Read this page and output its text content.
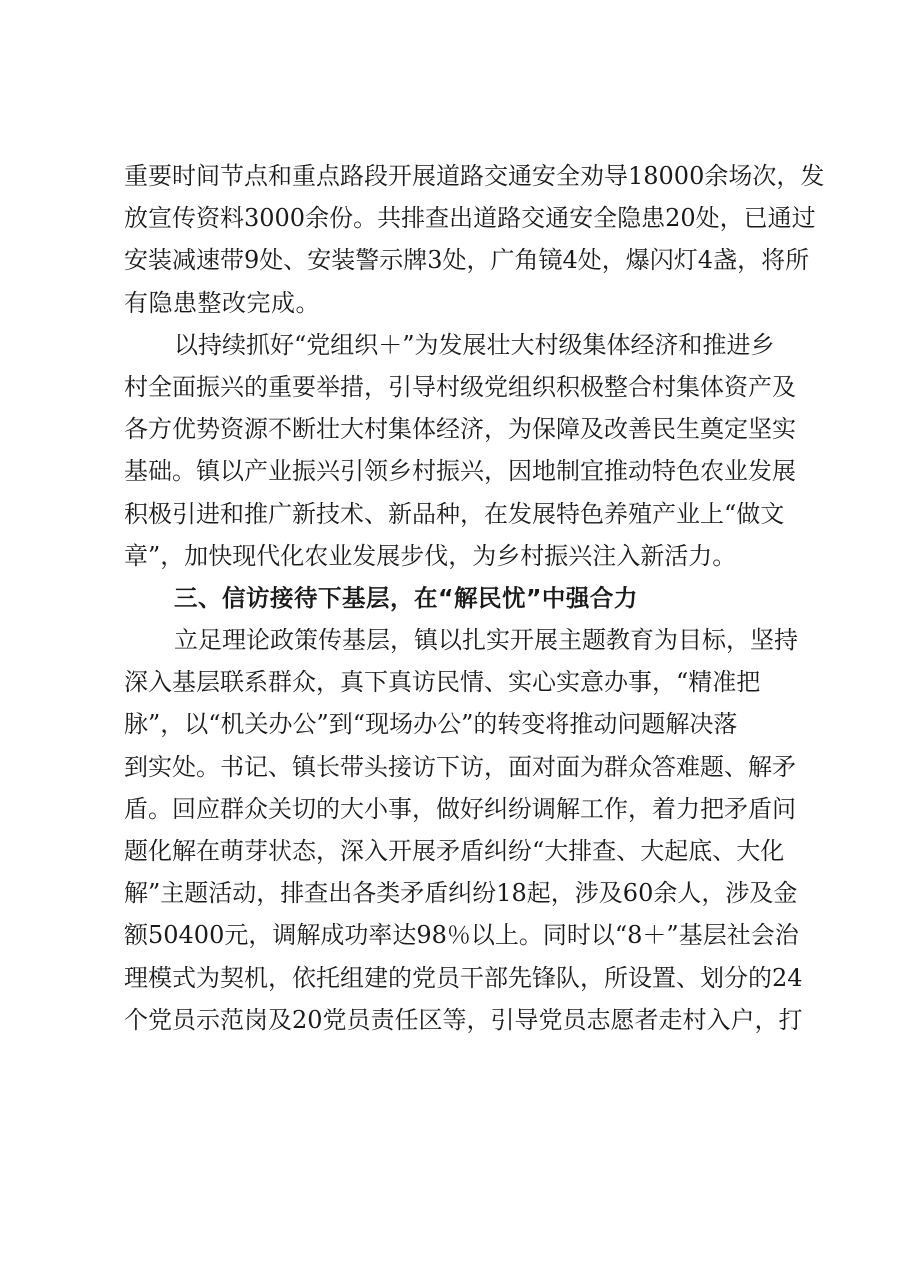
重要时间节点和重点路段开展道路交通安全劝导18000余场次，发
放宣传资料3000余份。共排查出道路交通安全隐患20处，已通过
安装减速带9处、安装警示牌3处，广角镜4处，爆闪灯4盏，将所
有隐患整改完成。
以持续抓好“党组织＋”为发展壮大村级集体经济和推进乡
村全面振兴的重要举措，引导村级党组织积极整合村集体资产及
各方优势资源不断壮大村集体经济，为保障及改善民生奠定坚实
基础。镇以产业振兴引领乡村振兴，因地制宜推动特色农业发展
积极引进和推广新技术、新品种，在发展特色养殖产业上“做文
章”，加快现代化农业发展步伐，为乡村振兴注入新活力。
三、信访接待下基层，在“解民忧”中强合力
立足理论政策传基层，镇以扎实开展主题教育为目标，坚持
深入基层联系群众，真下真访民情、实心实意办事，“精准把
脉”，以“机关办公”到“现场办公”的转变将推动问题解决落
到实处。书记、镇长带头接访下访，面对面为群众答难题、解矛
盾。回应群众关切的大小事，做好纠纷调解工作，着力把矛盾问
题化解在萌芽状态，深入开展矛盾纠纷“大排查、大起底、大化
解”主题活动，排查出各类矛盾纠纷18起，涉及60余人，涉及金
额50400元，调解成功率达98％以上。同时以“8＋”基层社会治
理模式为契机，依托组建的党员干部先锋队，所设置、划分的24
个党员示范岗及20党员责任区等，引导党员志愿者走村入户，打
